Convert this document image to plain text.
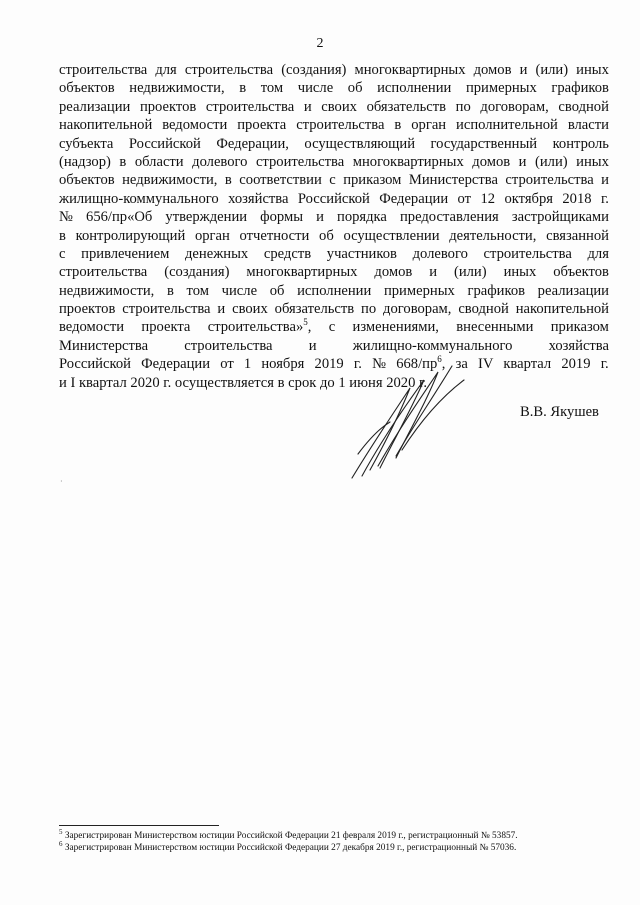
2
строительства для строительства (создания) многоквартирных домов и (или) иных
объектов недвижимости, в том числе об исполнении примерных графиков
реализации проектов строительства и своих обязательств по договорам, сводной
накопительной ведомости проекта строительства в орган исполнительной власти
субъекта Российской Федерации, осуществляющий государственный контроль
(надзор) в области долевого строительства многоквартирных домов и (или) иных
объектов недвижимости, в соответствии с приказом Министерства строительства и
жилищно-коммунального хозяйства Российской Федерации от 12 октября 2018 г.
№ 656/пр«Об утверждении формы и порядка предоставления застройщиками
в контролирующий орган отчетности об осуществлении деятельности, связанной
с привлечением денежных средств участников долевого строительства для
строительства (создания) многоквартирных домов и (или) иных объектов
недвижимости, в том числе об исполнении примерных графиков реализации
проектов строительства и своих обязательств по договорам, сводной накопительной
ведомости проекта строительства»$^5$, с изменениями, внесенными приказом
Министерства строительства и жилищно-коммунального хозяйства
Российской Федерации от 1 ноября 2019 г. № $668/пр^6$, за IV квартал 2019 г.
и I квартал 2020 г. осуществляется в срок до 1 июня 2020 г.
В.В. Якушев
·
$^5$ Зарегистрирован Министерством юстиции Российской Федерации 21 февраля 2019 г., регистрационный № 53857.
$^6$ Зарегистрирован Министерством юстиции Российской Федерации 27 декабря 2019 г., регистрационный № 57036.
